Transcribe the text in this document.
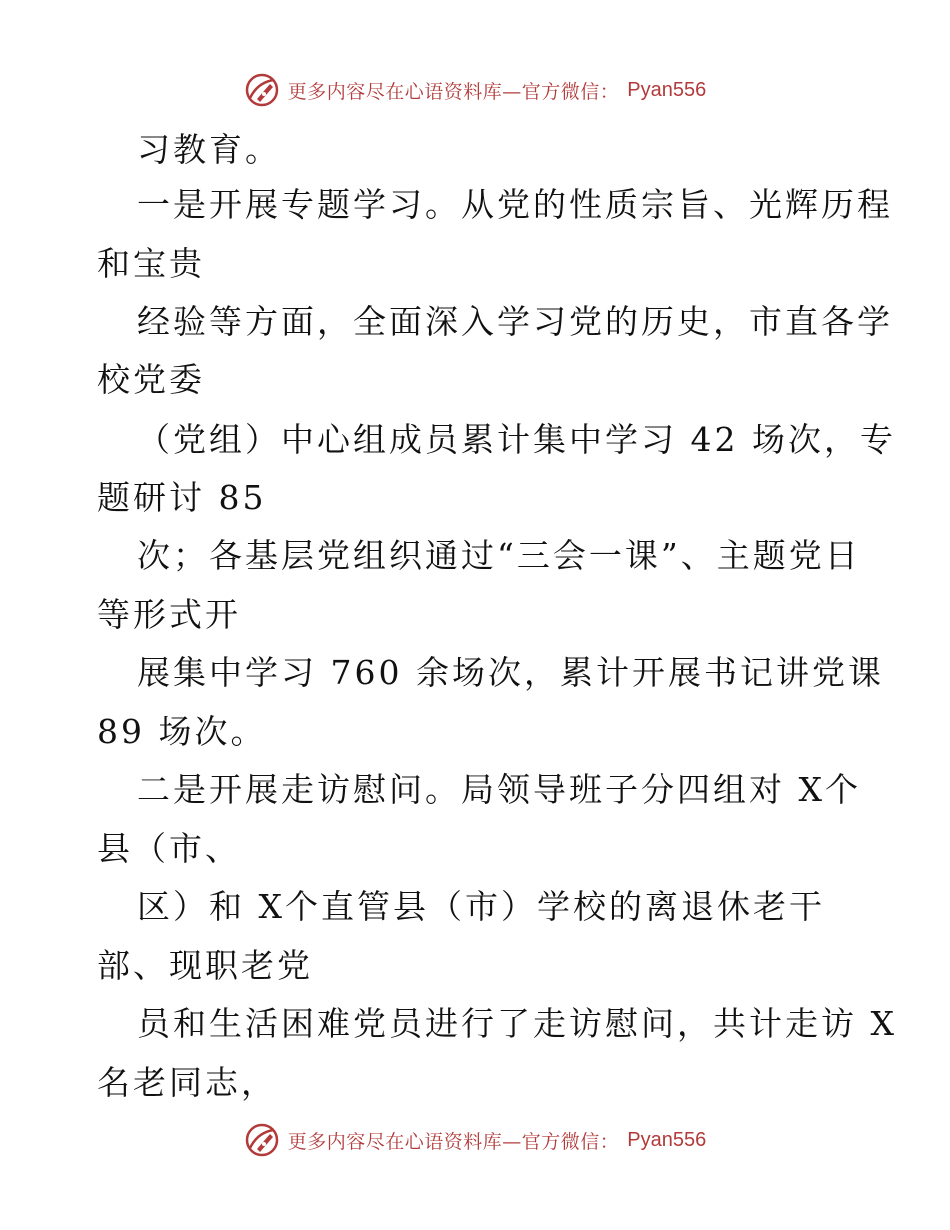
更多内容尽在心语资料库—官方微信： Pyan556
习教育。
一是开展专题学习。从党的性质宗旨、光辉历程
和宝贵
经验等方面，全面深入学习党的历史，市直各学
校党委
（党组）中心组成员累计集中学习 42 场次，专
题研讨 85
次；各基层党组织通过“三会一课”、主题党日
等形式开
展集中学习 760 余场次，累计开展书记讲党课
89 场次。
二是开展走访慰问。局领导班子分四组对 X个
县（市、
区）和 X个直管县（市）学校的离退休老干
部、现职老党
员和生活困难党员进行了走访慰问，共计走访 X
名老同志，
更多内容尽在心语资料库—官方微信： Pyan556
